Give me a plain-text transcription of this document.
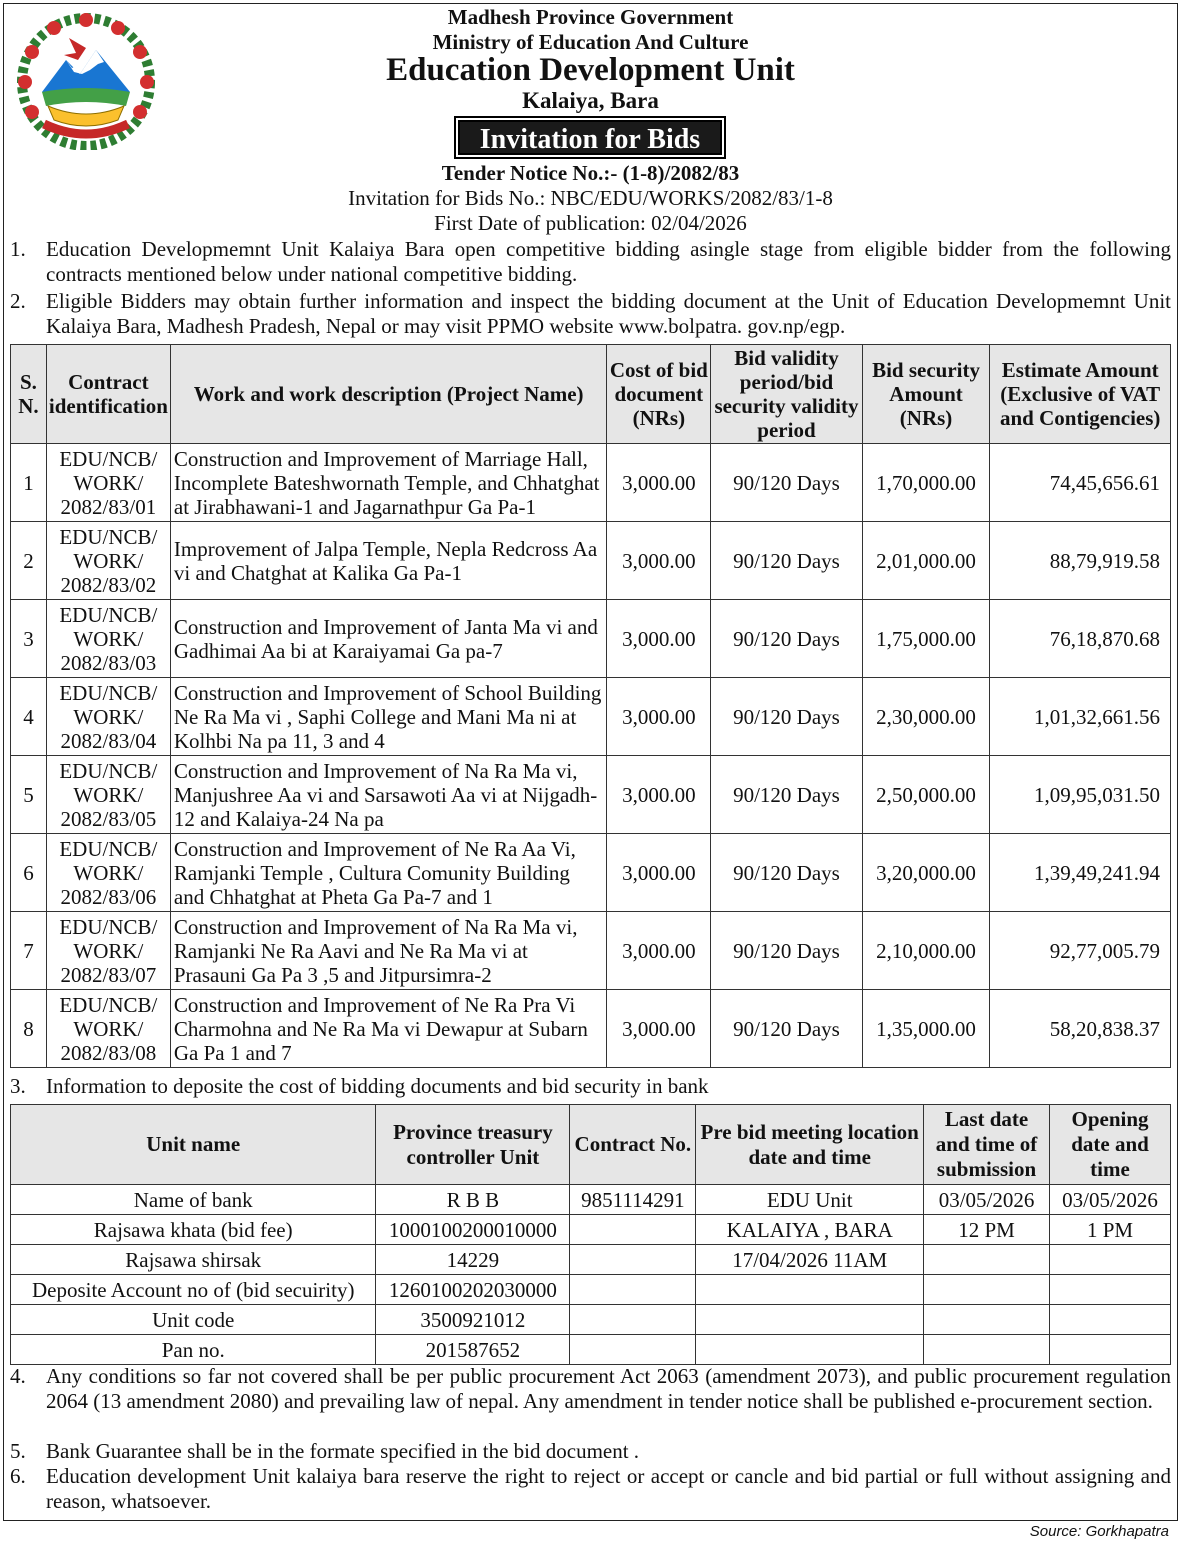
Madhesh Province Government
Ministry of Education And Culture
Education Development Unit
Kalaiya, Bara
Invitation for Bids
Tender Notice No.:- (1-8)/2082/83
Invitation for Bids No.: NBC/EDU/WORKS/2082/83/1-8
First Date of publication: 02/04/2026
1. Education Developmemnt Unit Kalaiya Bara open competitive bidding asingle stage from eligible bidder from the following contracts mentioned below under national competitive bidding.
2. Eligible Bidders may obtain further information and inspect the bidding document at the Unit of Education Developmemnt Unit Kalaiya Bara, Madhesh Pradesh, Nepal or may visit PPMO website www.bolpatra. gov.np/egp.
S. N.	Contract identification	Work and work description (Project Name)	Cost of bid document (NRs)	Bid validity period/bid security validity period	Bid security Amount (NRs)	Estimate Amount (Exclusive of VAT and Contigencies)
1	EDU/NCB/ WORK/ 2082/83/01	Construction and Improvement of Marriage Hall, Incomplete Bateshwornath Temple, and Chhatghat at Jirabhawani-1 and Jagarnathpur Ga Pa-1	3,000.00	90/120 Days	1,70,000.00	74,45,656.61
2	EDU/NCB/ WORK/ 2082/83/02	Improvement of Jalpa Temple, Nepla Redcross Aa vi and Chatghat at Kalika Ga Pa-1	3,000.00	90/120 Days	2,01,000.00	88,79,919.58
3	EDU/NCB/ WORK/ 2082/83/03	Construction and Improvement of Janta Ma vi and Gadhimai Aa bi at Karaiyamai Ga pa-7	3,000.00	90/120 Days	1,75,000.00	76,18,870.68
4	EDU/NCB/ WORK/ 2082/83/04	Construction and Improvement of School Building Ne Ra Ma vi , Saphi College and Mani Ma ni at Kolhbi Na pa 11, 3 and 4	3,000.00	90/120 Days	2,30,000.00	1,01,32,661.56
5	EDU/NCB/ WORK/ 2082/83/05	Construction and Improvement of Na Ra Ma vi, Manjushree Aa vi and Sarsawoti Aa vi at Nijgadh-12 and Kalaiya-24 Na pa	3,000.00	90/120 Days	2,50,000.00	1,09,95,031.50
6	EDU/NCB/ WORK/ 2082/83/06	Construction and Improvement of Ne Ra Aa Vi, Ramjanki Temple , Cultura Comunity Building and Chhatghat at Pheta Ga Pa-7 and 1	3,000.00	90/120 Days	3,20,000.00	1,39,49,241.94
7	EDU/NCB/ WORK/ 2082/83/07	Construction and Improvement of Na Ra Ma vi, Ramjanki Ne Ra Aavi and Ne Ra Ma vi at Prasauni Ga Pa 3 ,5 and Jitpursimra-2	3,000.00	90/120 Days	2,10,000.00	92,77,005.79
8	EDU/NCB/ WORK/ 2082/83/08	Construction and Improvement of Ne Ra Pra Vi Charmohna and Ne Ra Ma vi Dewapur at Subarn Ga Pa 1 and 7	3,000.00	90/120 Days	1,35,000.00	58,20,838.37
3. Information to deposite the cost of bidding documents and bid security in bank
Unit name	Province treasury controller Unit	Contract No.	Pre bid meeting location date and time	Last date and time of submission	Opening date and time
Name of bank	R B B	9851114291	EDU Unit	03/05/2026	03/05/2026
Rajsawa khata (bid fee)	1000100200010000		KALAIYA , BARA	12 PM	1 PM
Rajsawa shirsak	14229		17/04/2026 11AM		
Deposite Account no of (bid secuirity)	1260100202030000				
Unit code	3500921012				
Pan no.	201587652				
4. Any conditions so far not covered shall be per public procurement Act 2063 (amendment 2073), and public procurement regulation 2064 (13 amendment 2080) and prevailing law of nepal. Any amendment in tender notice shall be published e-procurement section.
5. Bank Guarantee shall be in the formate specified in the bid document .
6. Education development Unit kalaiya bara reserve the right to reject or accept or cancle and bid partial or full without assigning and reason, whatsoever.
Source: Gorkhapatra
